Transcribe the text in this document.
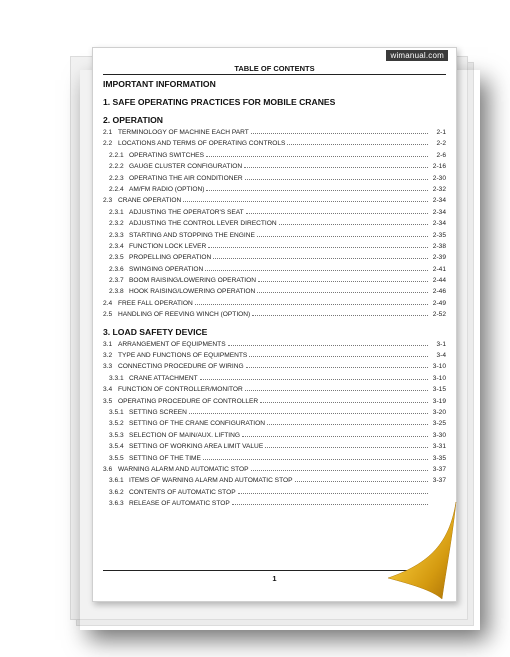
wimanual.com
TABLE OF CONTENTS
IMPORTANT INFORMATION
1. SAFE OPERATING PRACTICES FOR MOBILE CRANES
2. OPERATION
2.1 TERMINOLOGY OF MACHINE EACH PART	2-1
2.2 LOCATIONS AND TERMS OF OPERATING CONTROLS	2-2
2.2.1 OPERATING SWITCHES	2-6
2.2.2 GAUGE CLUSTER CONFIGURATION	2-16
2.2.3 OPERATING THE AIR CONDITIONER	2-30
2.2.4 AM/FM RADIO (OPTION)	2-32
2.3 CRANE OPERATION	2-34
2.3.1 ADJUSTING THE OPERATOR'S SEAT	2-34
2.3.2 ADJUSTING THE CONTROL LEVER DIRECTION	2-34
2.3.3 STARTING AND STOPPING THE ENGINE	2-35
2.3.4 FUNCTION LOCK LEVER	2-38
2.3.5 PROPELLING OPERATION	2-39
2.3.6 SWINGING OPERATION	2-41
2.3.7 BOOM RAISING/LOWERING OPERATION	2-44
2.3.8 HOOK RAISING/LOWERING OPERATION	2-46
2.4 FREE FALL OPERATION	2-49
2.5 HANDLING OF REEVING WINCH (OPTION)	2-52
3. LOAD SAFETY DEVICE
3.1 ARRANGEMENT OF EQUIPMENTS	3-1
3.2 TYPE AND FUNCTIONS OF EQUIPMENTS	3-4
3.3 CONNECTING PROCEDURE OF WIRING	3-10
3.3.1 CRANE ATTACHMENT	3-10
3.4 FUNCTION OF CONTROLLER/MONITOR	3-15
3.5 OPERATING PROCEDURE OF CONTROLLER	3-19
3.5.1 SETTING SCREEN	3-20
3.5.2 SETTING OF THE CRANE CONFIGURATION	3-25
3.5.3 SELECTION OF MAIN/AUX. LIFTING	3-30
3.5.4 SETTING OF WORKING AREA LIMIT VALUE	3-31
3.5.5 SETTING OF THE TIME	3-35
3.6 WARNING ALARM AND AUTOMATIC STOP	3-37
3.6.1 ITEMS OF WARNING ALARM AND AUTOMATIC STOP	3-37
3.6.2 CONTENTS OF AUTOMATIC STOP
3.6.3 RELEASE OF AUTOMATIC STOP
1
